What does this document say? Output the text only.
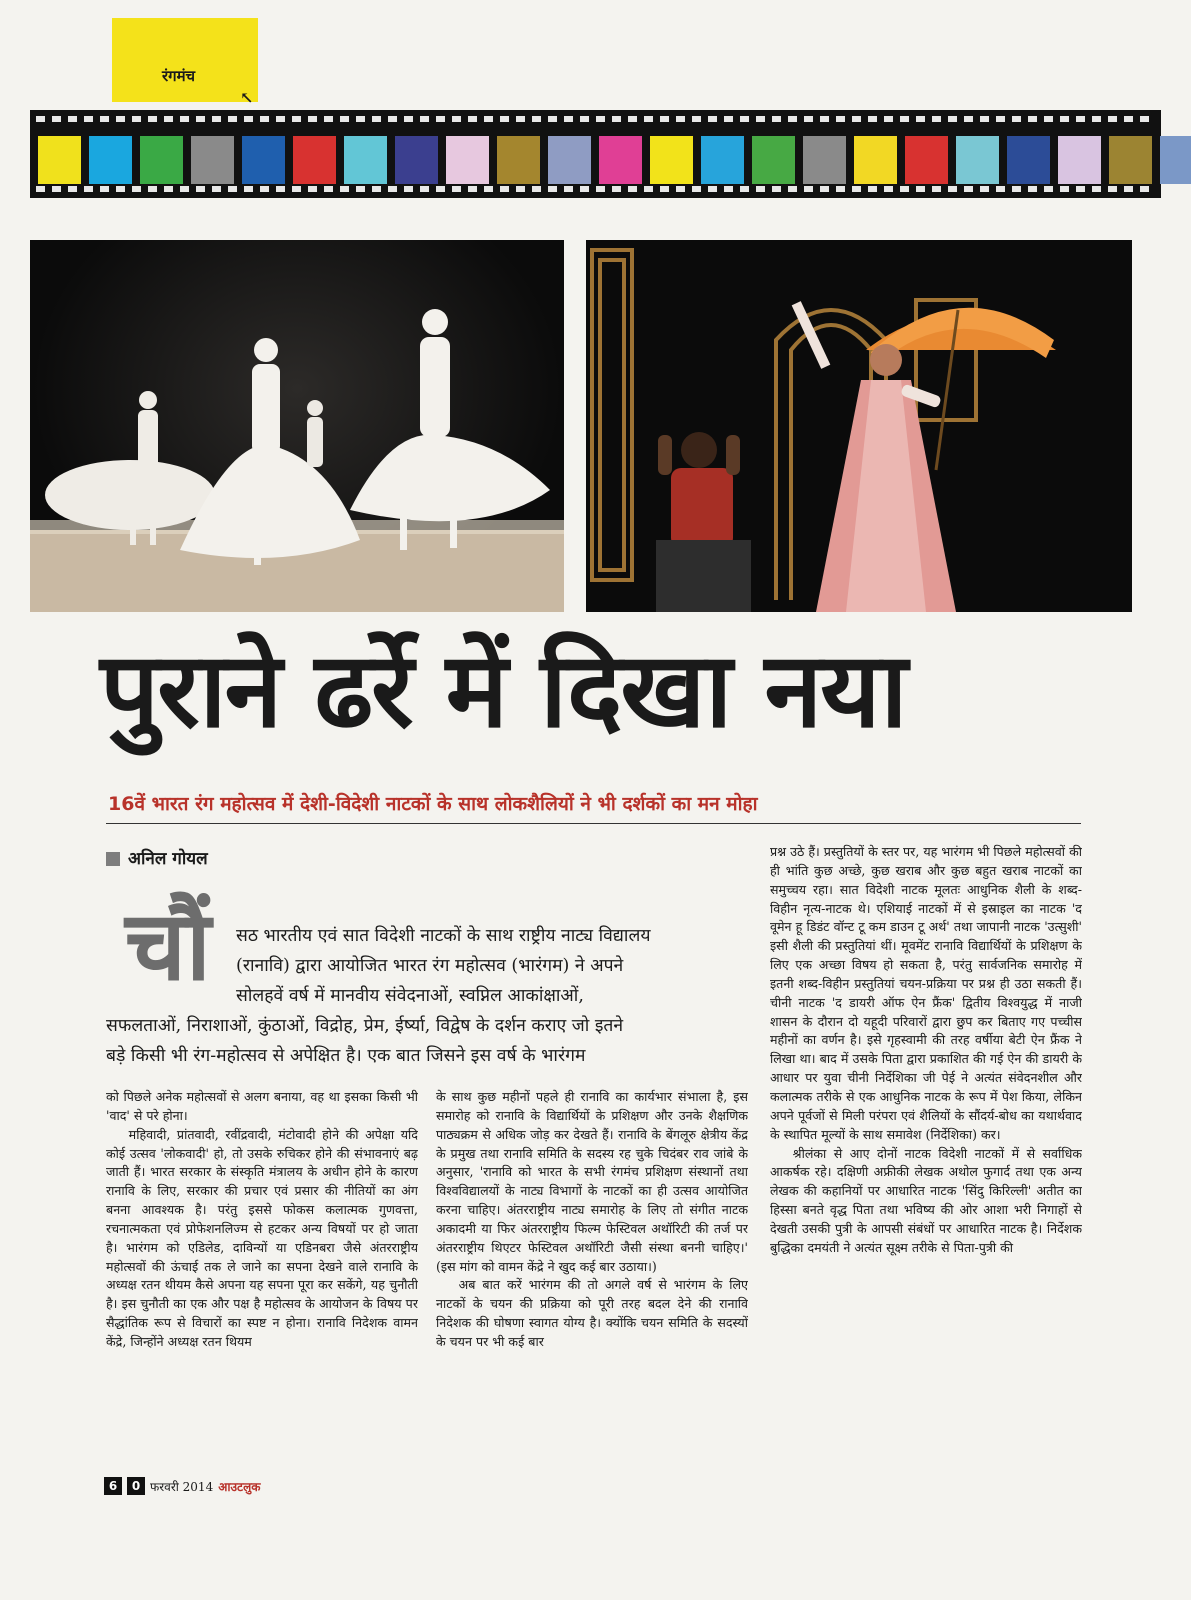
रंगमंच
↖
पुराने ढर्रे में दिखा नया
16वें भारत रंग महोत्सव में देशी-विदेशी नाटकों के साथ लोकशैलियों ने भी दर्शकों का मन मोहा
अनिल गोयल
चौं	सठ भारतीय एवं सात विदेशी नाटकों के साथ राष्ट्रीय नाट्य विद्यालय
(रानावि) द्वारा आयोजित भारत रंग महोत्सव (भारंगम) ने अपने
सोलहवें वर्ष में मानवीय संवेदनाओं, स्वप्निल आकांक्षाओं,
सफलताओं, निराशाओं, कुंठाओं, विद्रोह, प्रेम, ईर्ष्या, विद्वेष के दर्शन कराए जो इतने
बड़े किसी भी रंग-महोत्सव से अपेक्षित है। एक बात जिसने इस वर्ष के भारंगम

को पिछले अनेक महोत्सवों से अलग बनाया, वह था इसका किसी भी 'वाद' से परे होना।

महिवादी, प्रांतवादी, रवींद्रवादी, मंटोवादी होने की अपेक्षा यदि कोई उत्सव 'लोकवादी' हो, तो उसके रुचिकर होने की संभावनाएं बढ़ जाती हैं। भारत सरकार के संस्कृति मंत्रालय के अधीन होने के कारण रानावि के लिए, सरकार की प्रचार एवं प्रसार की नीतियों का अंग बनना आवश्यक है। परंतु इससे फोकस कलात्मक गुणवत्ता, रचनात्मकता एवं प्रोफेशनलिज्म से हटकर अन्य विषयों पर हो जाता है। भारंगम को एडिलेड, दाविन्यों या एडिनबरा जैसे अंतरराष्ट्रीय महोत्सवों की ऊंचाई तक ले जाने का सपना देखने वाले रानावि के अध्यक्ष रतन थीयम कैसे अपना यह सपना पूरा कर सकेंगे, यह चुनौती है। इस चुनौती का एक और पक्ष है महोत्सव के आयोजन के विषय पर सैद्धांतिक रूप से विचारों का स्पष्ट न होना। रानावि निदेशक वामन केंद्रे, जिन्होंने अध्यक्ष रतन थियम

के साथ कुछ महीनों पहले ही रानावि का कार्यभार संभाला है, इस समारोह को रानावि के विद्यार्थियों के प्रशिक्षण और उनके शैक्षणिक पाठ्यक्रम से अधिक जोड़ कर देखते हैं। रानावि के बेंगलूरु क्षेत्रीय केंद्र के प्रमुख तथा रानावि समिति के सदस्य रह चुके चिदंबर राव जांबे के अनुसार, 'रानावि को भारत के सभी रंगमंच प्रशिक्षण संस्थानों तथा विश्वविद्यालयों के नाट्य विभागों के नाटकों का ही उत्सव आयोजित करना चाहिए। अंतरराष्ट्रीय नाट्य समारोह के लिए तो संगीत नाटक अकादमी या फिर अंतरराष्ट्रीय फिल्म फेस्टिवल अथॉरिटी की तर्ज पर अंतरराष्ट्रीय थिएटर फेस्टिवल अथॉरिटी जैसी संस्था बननी चाहिए।' (इस मांग को वामन केंद्रे ने खुद कई बार उठाया।)

अब बात करें भारंगम की तो अगले वर्ष से भारंगम के लिए नाटकों के चयन की प्रक्रिया को पूरी तरह बदल देने की रानावि निदेशक की घोषणा स्वागत योग्य है। क्योंकि चयन समिति के सदस्यों के चयन पर भी कई बार

प्रश्न उठे हैं। प्रस्तुतियों के स्तर पर, यह भारंगम भी पिछले महोत्सवों की ही भांति कुछ अच्छे, कुछ खराब और कुछ बहुत खराब नाटकों का समुच्चय रहा। सात विदेशी नाटक मूलतः आधुनिक शैली के शब्द-विहीन नृत्य-नाटक थे। एशियाई नाटकों में से इस्राइल का नाटक 'द वूमेन हू डिडंट वॉन्ट टू कम डाउन टू अर्थ' तथा जापानी नाटक 'उत्सुशी' इसी शैली की प्रस्तुतियां थीं। मूवमेंट रानावि विद्यार्थियों के प्रशिक्षण के लिए एक अच्छा विषय हो सकता है, परंतु सार्वजनिक समारोह में इतनी शब्द-विहीन प्रस्तुतियां चयन-प्रक्रिया पर प्रश्न ही उठा सकती हैं। चीनी नाटक 'द डायरी ऑफ ऐन फ्रैंक' द्वितीय विश्वयुद्ध में नाजी शासन के दौरान दो यहूदी परिवारों द्वारा छुप कर बिताए गए पच्चीस महीनों का वर्णन है। इसे गृहस्वामी की तरह वर्षीया बेटी ऐन फ्रैंक ने लिखा था। बाद में उसके पिता द्वारा प्रकाशित की गई ऐन की डायरी के आधार पर युवा चीनी निर्देशिका जी पेई ने अत्यंत संवेदनशील और कलात्मक तरीके से एक आधुनिक नाटक के रूप में पेश किया, लेकिन अपने पूर्वजों से मिली परंपरा एवं शैलियों के सौंदर्य-बोध का यथार्थवाद के स्थापित मूल्यों के साथ समावेश (निर्देशिका) कर।

श्रीलंका से आए दोनों नाटक विदेशी नाटकों में से सर्वाधिक आकर्षक रहे। दक्षिणी अफ्रीकी लेखक अथोल फुगार्द तथा एक अन्य लेखक की कहानियों पर आधारित नाटक 'सिंदु किरिल्ली' अतीत का हिस्सा बनते वृद्ध पिता तथा भविष्य की ओर आशा भरी निगाहों से देखती उसकी पुत्री के आपसी संबंधों पर आधारित नाटक है। निर्देशक बुद्धिका दमयंती ने अत्यंत सूक्ष्म तरीके से पिता-पुत्री की

6	0 फरवरी 2014 आउटलुक
